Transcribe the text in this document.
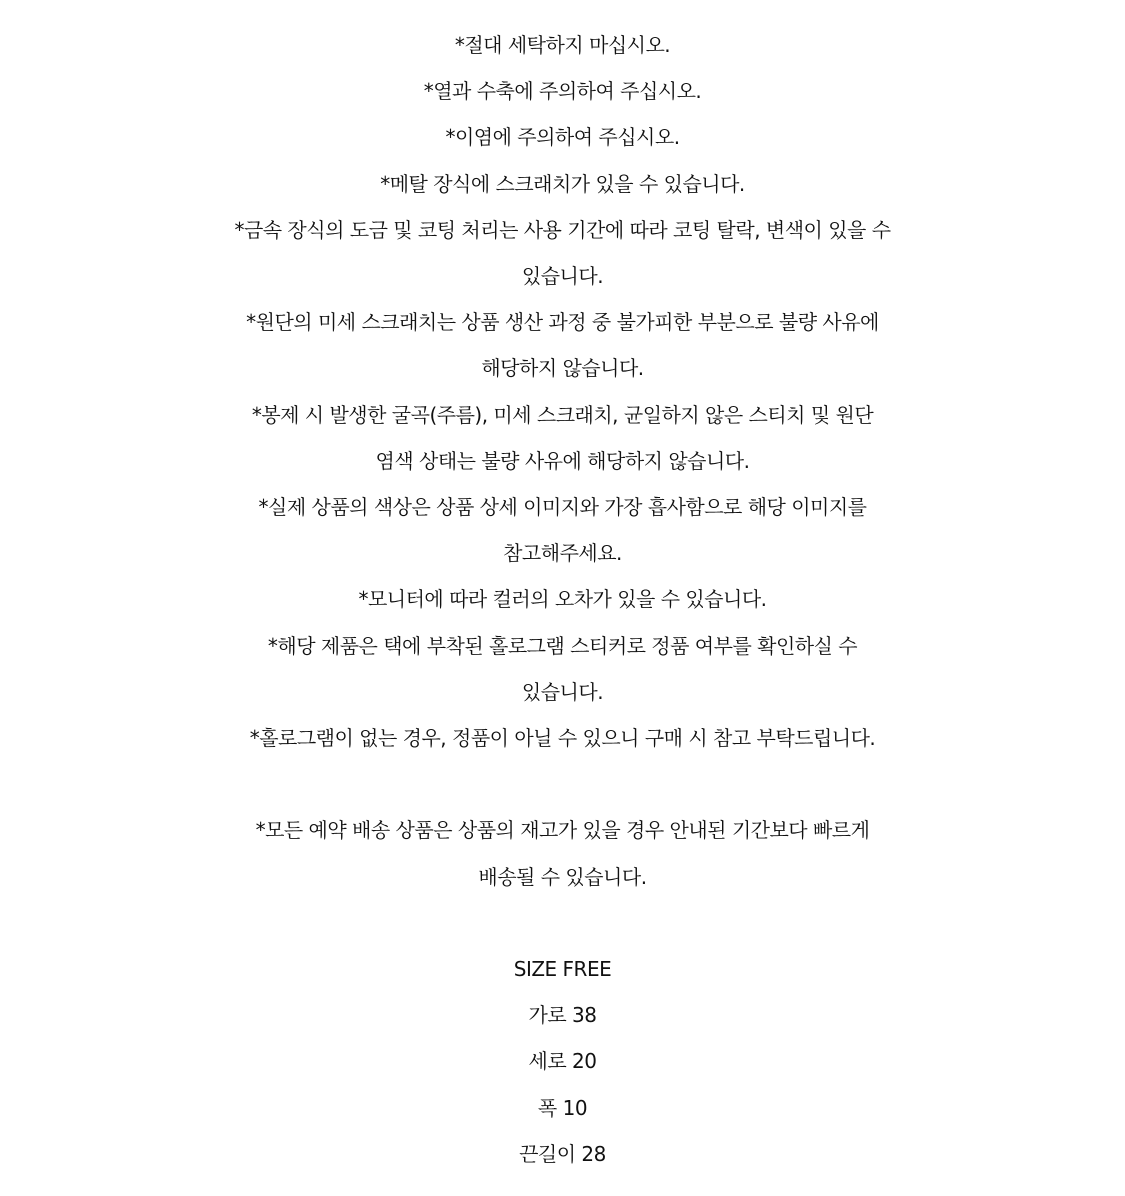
*절대 세탁하지 마십시오.

*열과 수축에 주의하여 주십시오.

*이염에 주의하여 주십시오.

*메탈 장식에 스크래치가 있을 수 있습니다.

*금속 장식의 도금 및 코팅 처리는 사용 기간에 따라 코팅 탈락, 변색이 있을 수

있습니다.

*원단의 미세 스크래치는 상품 생산 과정 중 불가피한 부분으로 불량 사유에

해당하지 않습니다.

*봉제 시 발생한 굴곡(주름), 미세 스크래치, 균일하지 않은 스티치 및 원단

염색 상태는 불량 사유에 해당하지 않습니다.

*실제 상품의 색상은 상품 상세 이미지와 가장 흡사함으로 해당 이미지를

참고해주세요.

*모니터에 따라 컬러의 오차가 있을 수 있습니다.

*해당 제품은 택에 부착된 홀로그램 스티커로 정품 여부를 확인하실 수

있습니다.

*홀로그램이 없는 경우, 정품이 아닐 수 있으니 구매 시 참고 부탁드립니다.

*모든 예약 배송 상품은 상품의 재고가 있을 경우 안내된 기간보다 빠르게

배송될 수 있습니다.

SIZE FREE

가로 38

세로 20

폭 10

끈길이 28
